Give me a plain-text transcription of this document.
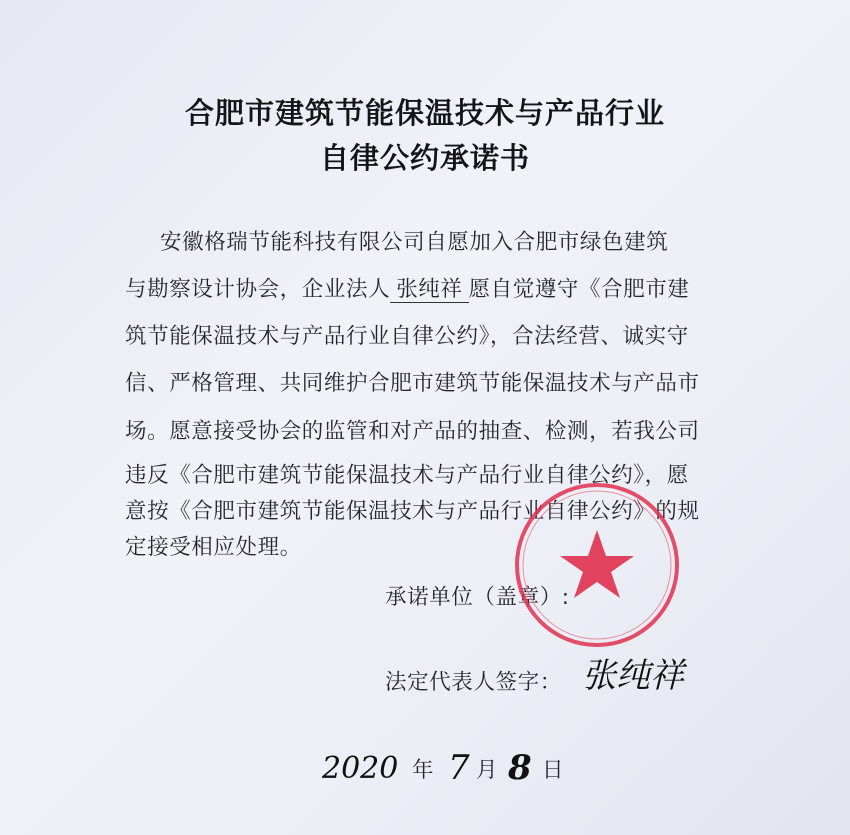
合肥市建筑节能保温技术与产品行业
自律公约承诺书
安徽格瑞节能科技有限公司自愿加入合肥市绿色建筑
与勘察设计协会，企业法人 张纯祥 愿自觉遵守《合肥市建
筑节能保温技术与产品行业自律公约》，合法经营、诚实守
信、严格管理、共同维护合肥市建筑节能保温技术与产品市
场。愿意接受协会的监管和对产品的抽查、检测，若我公司
违反《合肥市建筑节能保温技术与产品行业自律公约》，愿
意按《合肥市建筑节能保温技术与产品行业自律公约》的规
定接受相应处理。
承诺单位（盖章）:
法定代表人签字： 张纯祥
2020 年 7 月 8 日
